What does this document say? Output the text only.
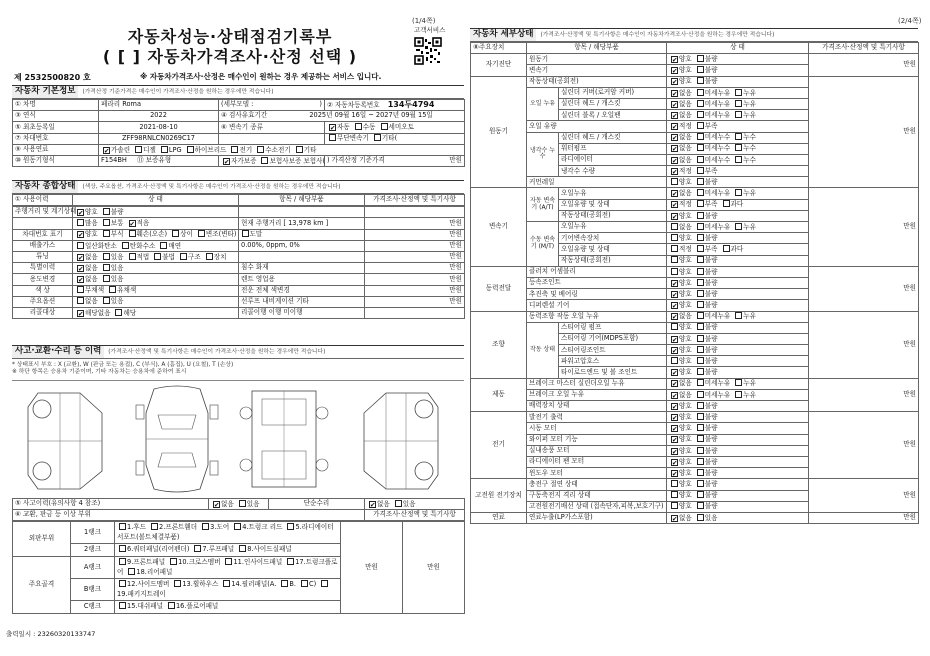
(1/4쪽)
자동차성능·상태점검기록부
( [ ] 자동차가격조사·산정 선택 )
고객서비스
제 2532500820 호	※ 자동차가격조사·산정은 매수인이 원하는 경우 제공하는 서비스 입니다.
자동차 기본정보	(가격산정 기준가격은 매수인이 가격조사·산정을 원하는 경우에만 적습니다)
① 차명	페라리 Roma	(세부모델 : )	② 자동차등록번호 134두4794
③ 연식	2022	④ 검사유효기간 2025년 09월 16일 ~ 2027년 09월 15일	
⑤ 최초등록일	2021-08-10	⑥ 변속기 종류	✔자동 수동 세미오토
⑦ 차대번호	ZFF98RNLCN0269C17		무단변속기 기타(
⑨ 사용연료	✔가솔린 디젤 LPG 하이브리드 전기 수소전기 기타
⑩ 원동기형식	F154BH ⑪ 보증유형	✔자가보증 보험사보증 보험사(	) 가격산정 기준가격 만원
자동차 종합상태	(색상, 주요옵션, 가격조사·산정액 및 특기사항은 매수인이 가격조사·산정을 원하는 경우에만 적습니다)
① 사용이력	상 태	항목 / 해당부품	가격조사·산정액 및 특기사항
주행거리 및 계기상태	✔양호 불량		
	많음 보통 ✔ 적음	현재 주행거리 [ 13,978 km ]	만원
차대번호 표기	✔양호 부식 훼손(오손) 상이 변조(변타) 도말		만원
배출가스	일산화탄소 탄화수소 매연	0.00%, 0ppm, 0%	만원
튜닝	✔없음 있음 적법 불법 구조 장치		만원
특별이력	✔없음 있음	침수 화재	만원
용도변경	✔없음 있음	렌트 영업용	만원
색 상	무채색 유채색	전운 전체 색변경	만원
주요옵션	없음 있음	선루프 내비게이션 기타	만원
리콜대상	✔해당없음 해당	리콜이행 이행 미이행	
사고·교환·수리 등 이력	(가격조사·산정액 및 특기사항은 매수인이 가격조사·산정을 원하는 경우에만 적습니다)
* 상태표시 부호 : X (교환), W (판금 또는 용접), C (부식), A (흠집), U (요철), T (손상)
※ 하단 항목은 승용차 기준이며, 기타 자동차는 승용차에 준하여 표시
⑤ 사고이력(유의사항 4 참조)	✔없음 있음	단순수리	✔없음 있음
⑥ 교환, 판금 등 이상 부위			가격조사·산정액 및 특기사항
외판부위	1랭크	1.후드 2.프론트휀더 3.도어 4.트렁크 리드 5.라디에이터서포트(볼트체결부품)	만원	만원
	2랭크	6.쿼터패널(리어펜더) 7.루프패널 8.사이드실패널		
주요골격	A랭크	9.프론트패널 10.크로스멤버 11.인사이드패널 17.트렁크플로어 18.리어패널		
	B랭크	12.사이드멤버 13.휠하우스 14.필러패널(A. B. C)19.패키지트레이		
	C랭크	15.대쉬패널 16.플로어패널		
출력일시 : 23260320133747
(2/4쪽)
자동차 세부상태	(가격조사·산정액 및 특기사항은 매수인이 자동차가격조사·산정을 원하는 경우에만 적습니다)
⑧주요장치	항목 / 해당부품		상 태	가격조사·산정액 및 특기사항
자기진단	원동기	✔양호 불량	만원
	변속기	✔양호 불량
원동기	작동상태(공회전)	✔양호 불량	만원
	오일 누유	실린더 커버(로커암 커버)	✔없음 미세누유 누유
		실린더 헤드 / 개스킷	✔없음 미세누유 누유
		실린더 블록 / 오일팬	✔없음 미세누유 누유
	오일 유량	✔적정 부족
	냉각수 누수	실린더 헤드 / 개스킷	✔없음 미세누수 누수
		워터펌프	✔없음 미세누수 누수
		라디에이터	✔없음 미세누수 누수
		냉각수 수량	✔적정 부족
	커먼레일		양호 불량	
변속기	자동 변속기 (A/T)	오일누유	✔없음 미세누유 누유	만원
		오일유량 및 상태	✔적정 부족 과다
		작동상태(공회전)	✔양호 불량
	수동 변속기 (M/T)	오일누유	없음 미세누유 누유	
		기어변속장치	양호 불량	
		오일유량 및 상태	적정 부족 과다	
		작동상태(공회전)	양호 불량	
동력전달	클러치 어셈블리		양호 불량	만원
	등속조인트	✔양호 불량
	추진축 및 베어링	✔양호 불량
	디퍼렌셜 기어	✔양호 불량
조향	동력조향 작동 오일 누유	✔없음 미세누유 누유	만원
	작동 상태	스티어링 펌프	양호 불량	
		스티어링 기어(MDPS포함)	✔양호 불량
		스티어링조인트	✔양호 불량
		파워고압호스	양호 불량	
		타이로드엔드 및 볼 조인트	✔양호 불량
제동	브레이크 마스터 실린더오일 누유	✔없음 미세누유 누유	만원
	브레이크 오일 누유	✔없음 미세누유 누유
	배력장치 상태	✔양호 불량
전기	발전기 출력	✔양호 불량	만원
	시동 모터	✔양호 불량
	와이퍼 모터 기능	✔양호 불량
	실내송풍 모터	✔양호 불량
	라디에이터 팬 모터	✔양호 불량
	윈도우 모터	✔양호 불량
고전원 전기장치	충전구 절연 상태		양호 불량	만원
	구동축전지 격리 상태		양호 불량	
	고전원전기배선 상태 (접속단자,피복,보호기구)		양호 불량	
연료	연료누출(LP가스포함)	✔없음 있음	만원
